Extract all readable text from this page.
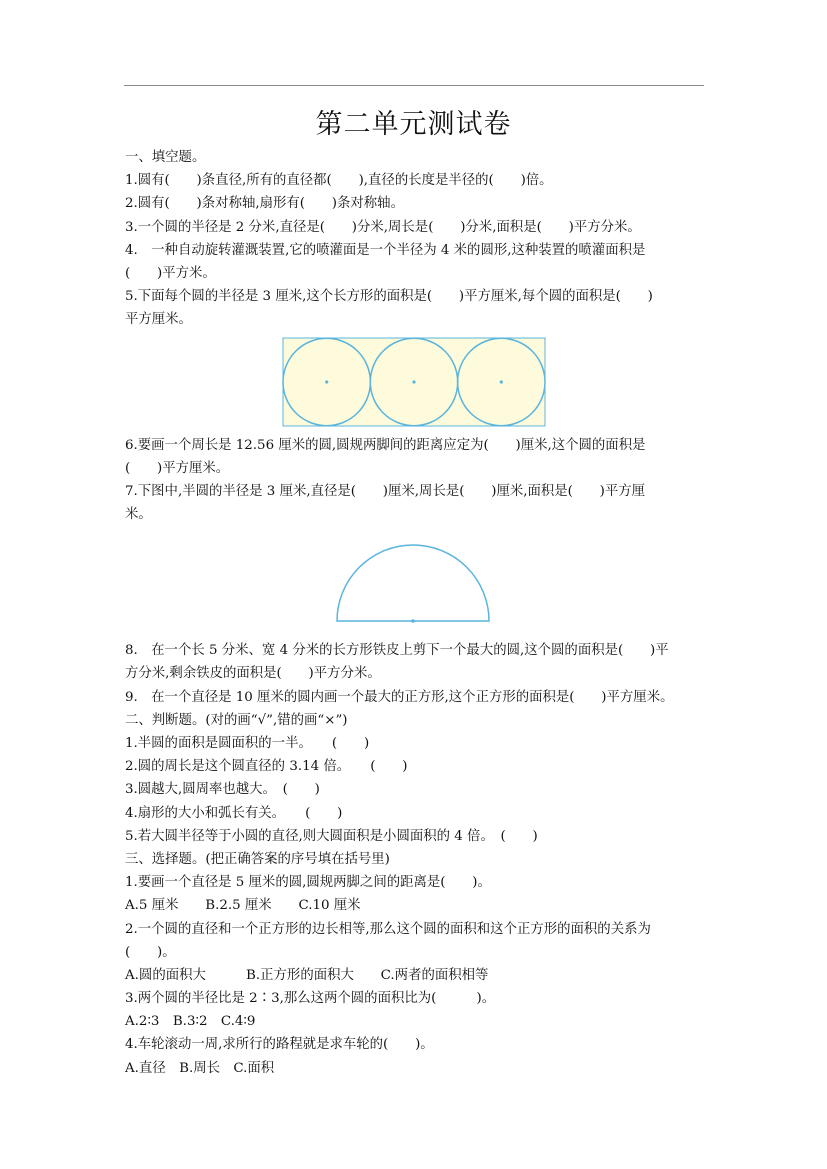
第二单元测试卷
一、填空题。
1.圆有(　　)条直径,所有的直径都(　　),直径的长度是半径的(　　)倍。
2.圆有(　　)条对称轴,扇形有(　　)条对称轴。
3.一个圆的半径是 2 分米,直径是(　　)分米,周长是(　　)分米,面积是(　　)平方分米。
4.　一种自动旋转灌溉装置,它的喷灌面是一个半径为 4 米的圆形,这种装置的喷灌面积是
(　　)平方米。
5.下面每个圆的半径是 3 厘米,这个长方形的面积是(　　)平方厘米,每个圆的面积是(　　)
平方厘米。
6.要画一个周长是 12.56 厘米的圆,圆规两脚间的距离应定为(　　)厘米,这个圆的面积是
(　　)平方厘米。
7.下图中,半圆的半径是 3 厘米,直径是(　　)厘米,周长是(　　)厘米,面积是(　　)平方厘
米。
8.　在一个长 5 分米、宽 4 分米的长方形铁皮上剪下一个最大的圆,这个圆的面积是(　　)平
方分米,剩余铁皮的面积是(　　)平方分米。
9.　在一个直径是 10 厘米的圆内画一个最大的正方形,这个正方形的面积是(　　)平方厘米。
二、判断题。(对的画“√”,错的画“×”)
1.半圆的面积是圆面积的一半。　　(　　)
2.圆的周长是这个圆直径的 3.14 倍。　　(　　)
3.圆越大,圆周率也越大。　(　　)
4.扇形的大小和弧长有关。　　(　　)
5.若大圆半径等于小圆的直径,则大圆面积是小圆面积的 4 倍。　(　　)
三、选择题。(把正确答案的序号填在括号里)
1.要画一个直径是 5 厘米的圆,圆规两脚之间的距离是(　　)。
A.5 厘米　　B.2.5 厘米　　C.10 厘米
2.一个圆的直径和一个正方形的边长相等,那么这个圆的面积和这个正方形的面积的关系为
(　　)。
A.圆的面积大　　　B.正方形的面积大　　C.两者的面积相等
3.两个圆的半径比是 2∶3,那么这两个圆的面积比为(　　　)。
A.2∶3　B.3∶2　C.4∶9
4.车轮滚动一周,求所行的路程就是求车轮的(　　)。
A.直径　B.周长　C.面积
